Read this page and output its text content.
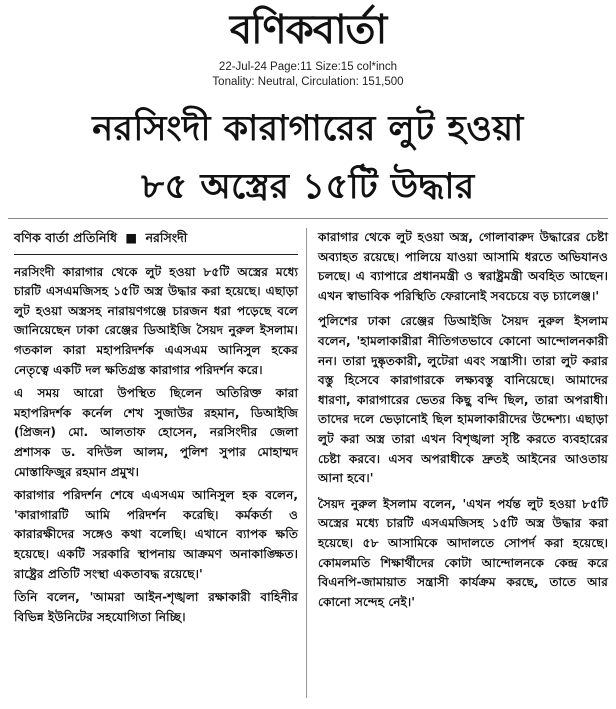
বণিকবার্তা
22-Jul-24 Page:11 Size:15 col*inch
Tonality: Neutral, Circulation: 151,500
নরসিংদী কারাগারের লুট হওয়া
৮৫ অস্ত্রের ১৫টি উদ্ধার
বণিক বার্তা প্রতিনিধি ■ নরসিংদী

নরসিংদী কারাগার থেকে লুট হওয়া ৮৫টি অস্ত্রের মধ্যে চারটি এসএমজিসহ ১৫টি অস্ত্র উদ্ধার করা হয়েছে। এছাড়া লুট হওয়া অস্ত্রসহ নারায়ণগঞ্জে চারজন ধরা পড়েছে বলে জানিয়েছেন ঢাকা রেঞ্জের ডিআইজি সৈয়দ নুরুল ইসলাম। গতকাল কারা মহাপরিদর্শক এএসএম আনিসুল হকের নেতৃত্বে একটি দল ক্ষতিগ্রস্ত কারাগার পরিদর্শন করে।

এ সময় আরো উপস্থিত ছিলেন অতিরিক্ত কারা মহাপরিদর্শক কর্নেল শেখ সুজাউর রহমান, ডিআইজি (প্রিজন) মো. আলতাফ হোসেন, নরসিংদীর জেলা প্রশাসক ড. বদিউল আলম, পুলিশ সুপার মোহাম্মদ মোস্তাফিজুর রহমান প্রমুখ।

কারাগার পরিদর্শন শেষে এএসএম আনিসুল হক বলেন, 'কারাগারটি আমি পরিদর্শন করেছি। কর্মকর্তা ও কারারক্ষীদের সঙ্গেও কথা বলেছি। এখানে ব্যাপক ক্ষতি হয়েছে। একটি সরকারি স্থাপনায় আক্রমণ অনাকাঙ্ক্ষিত। রাষ্ট্রের প্রতিটি সংস্থা একতাবদ্ধ রয়েছে।'

তিনি বলেন, 'আমরা আইন-শৃঙ্খলা রক্ষাকারী বাহিনীর বিভিন্ন ইউনিটের সহযোগিতা নিচ্ছি।

কারাগার থেকে লুট হওয়া অস্ত্র, গোলাবারুদ উদ্ধারের চেষ্টা অব্যাহত রয়েছে। পালিয়ে যাওয়া আসামি ধরতে অভিযানও চলছে। এ ব্যাপারে প্রধানমন্ত্রী ও স্বরাষ্ট্রমন্ত্রী অবহিত আছেন। এখন স্বাভাবিক পরিস্থিতি ফেরানোই সবচেয়ে বড় চ্যালেঞ্জ।'

পুলিশের ঢাকা রেঞ্জের ডিআইজি সৈয়দ নুরুল ইসলাম বলেন, 'হামলাকারীরা নীতিগতভাবে কোনো আন্দোলনকারী নন। তারা দুষ্কৃতকারী, লুটেরা এবং সন্ত্রাসী। তারা লুট করার বস্তু হিসেবে কারাগারকে লক্ষ্যবস্তু বানিয়েছে। আমাদের ধারণা, কারাগারের ভেতর কিছু বন্দি ছিল, তারা অপরাধী। তাদের দলে ভেড়ানোই ছিল হামলাকারীদের উদ্দেশ্য। এছাড়া লুট করা অস্ত্র তারা এখন বিশৃঙ্খলা সৃষ্টি করতে ব্যবহারের চেষ্টা করবে। এসব অপরাধীকে দ্রুতই আইনের আওতায় আনা হবে।'

সৈয়দ নুরুল ইসলাম বলেন, 'এখন পর্যন্ত লুট হওয়া ৮৫টি অস্ত্রের মধ্যে চারটি এসএমজিসহ ১৫টি অস্ত্র উদ্ধার করা হয়েছে। ৫৮ আসামিকে আদালতে সোপর্দ করা হয়েছে। কোমলমতি শিক্ষার্থীদের কোটা আন্দোলনকে কেন্দ্র করে বিএনপি-জামায়াত সন্ত্রাসী কার্যক্রম করছে, তাতে আর কোনো সন্দেহ নেই।'
